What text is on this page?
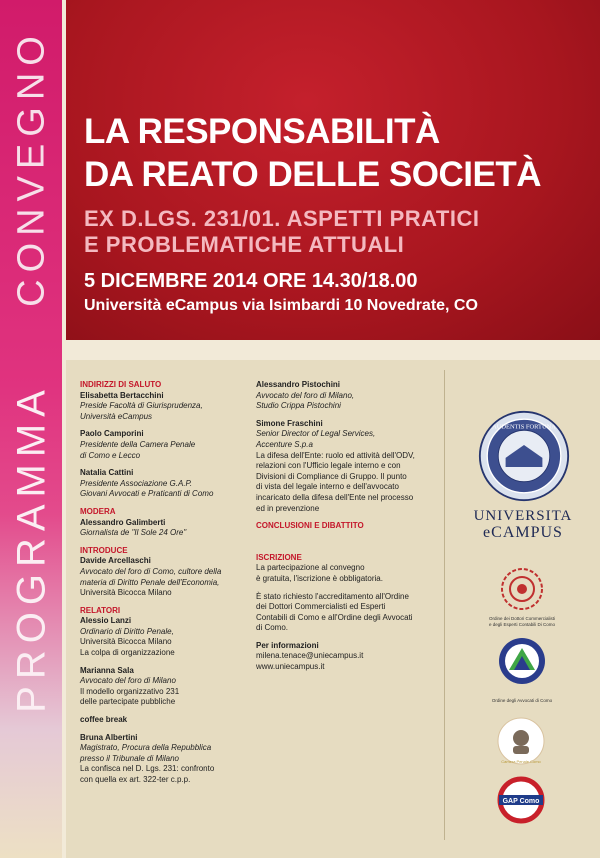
CONVEGNO
PROGRAMMA
LA RESPONSABILITÀ
DA REATO DELLE SOCIETÀ
EX D.LGS. 231/01. ASPETTI PRATICI
E PROBLEMATICHE ATTUALI
5 DICEMBRE 2014 ORE 14.30/18.00
Università eCampus via Isimbardi 10 Novedrate, CO
INDIRIZZI DI SALUTO
Elisabetta Bertacchini
Preside Facoltà di Giurisprudenza,
Università eCampus
Paolo Camporini
Presidente della Camera Penale
di Como e Lecco
Natalia Cattini
Presidente Associazione G.A.P.
Giovani Avvocati e Praticanti di Como
MODERA
Alessandro Galimberti
Giornalista de "Il Sole 24 Ore"
INTRODUCE
Davide Arcellaschi
Avvocato del foro di Como, cultore della
materia di Diritto Penale dell'Economia,
Università Bicocca Milano
RELATORI
Alessio Lanzi
Ordinario di Diritto Penale,
Università Bicocca Milano
La colpa di organizzazione
Marianna Sala
Avvocato del foro di Milano
Il modello organizzativo 231
delle partecipate pubbliche
coffee break
Bruna Albertini
Magistrato, Procura della Repubblica
presso il Tribunale di Milano
La confisca nel D. Lgs. 231: confronto
con quella ex art. 322-ter c.p.p.
Alessandro Pistochini
Avvocato del foro di Milano,
Studio Crippa Pistochini
Simone Fraschini
Senior Director of Legal Services,
Accenture S.p.a
La difesa dell'Ente: ruolo ed attività dell'ODV,
relazioni con l'Ufficio legale interno e con
Divisioni di Compliance di Gruppo. Il punto
di vista del legale interno e dell'avvocato
incaricato della difesa dell'Ente nel processo
ed in prevenzione
CONCLUSIONI E DIBATTITO
ISCRIZIONE
La partecipazione al convegno
è gratuita, l'iscrizione è obbligatoria.
È stato richiesto l'accreditamento all'Ordine
dei Dottori Commercialisti ed Esperti
Contabili di Como e all'Ordine degli Avvocati
di Como.
Per informazioni
milena.tenace@uniecampus.it
www.uniecampus.it
AUDENTIS FORTUNA
UNIVERSITA
eCAMPUS
Ordine dei Dottori Commercialisti
e degli Esperti Contabili Di Como
Ordine degli Avvocati di Como
Camera Penale Como
GAP Como
